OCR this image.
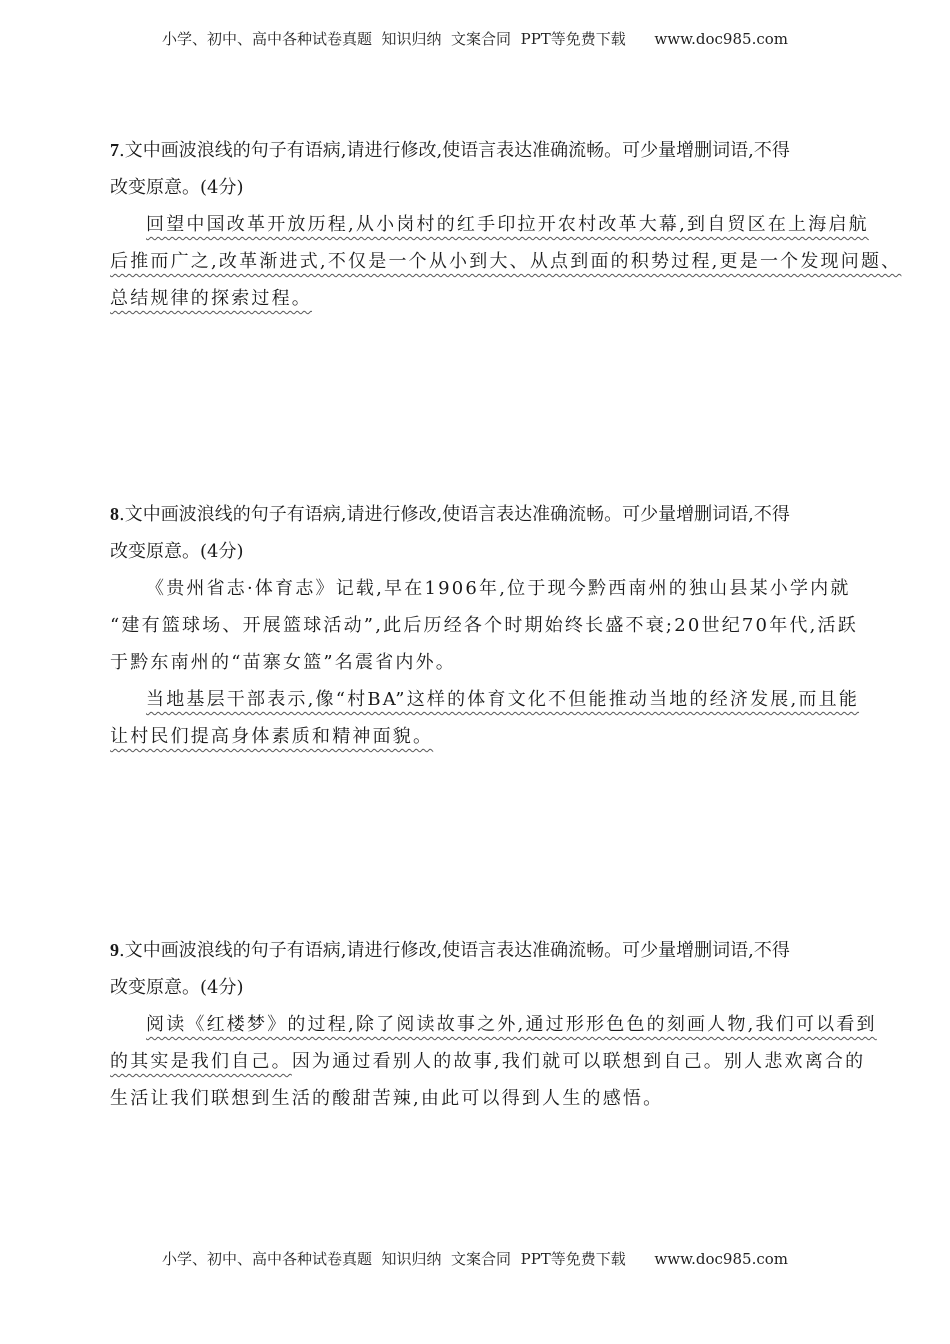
小学、初中、高中各种试卷真题  知识归纳  文案合同  PPT等免费下载      www.doc985.com
7.文中画波浪线的句子有语病,请进行修改,使语言表达准确流畅。可少量增删词语,不得
改变原意。(4分)
回望中国改革开放历程,从小岗村的红手印拉开农村改革大幕,到自贸区在上海启航
后推而广之,改革渐进式,不仅是一个从小到大、从点到面的积势过程,更是一个发现问题、
总结规律的探索过程。
8.文中画波浪线的句子有语病,请进行修改,使语言表达准确流畅。可少量增删词语,不得
改变原意。(4分)
《贵州省志·体育志》记载,早在1906年,位于现今黔西南州的独山县某小学内就
“建有篮球场、开展篮球活动”,此后历经各个时期始终长盛不衰;20世纪70年代,活跃
于黔东南州的“苗寨女篮”名震省内外。
当地基层干部表示,像“村BA”这样的体育文化不但能推动当地的经济发展,而且能
让村民们提高身体素质和精神面貌。
9.文中画波浪线的句子有语病,请进行修改,使语言表达准确流畅。可少量增删词语,不得
改变原意。(4分)
阅读《红楼梦》的过程,除了阅读故事之外,通过形形色色的刻画人物,我们可以看到
的其实是我们自己。因为通过看别人的故事,我们就可以联想到自己。别人悲欢离合的
生活让我们联想到生活的酸甜苦辣,由此可以得到人生的感悟。
小学、初中、高中各种试卷真题  知识归纳  文案合同  PPT等免费下载      www.doc985.com
